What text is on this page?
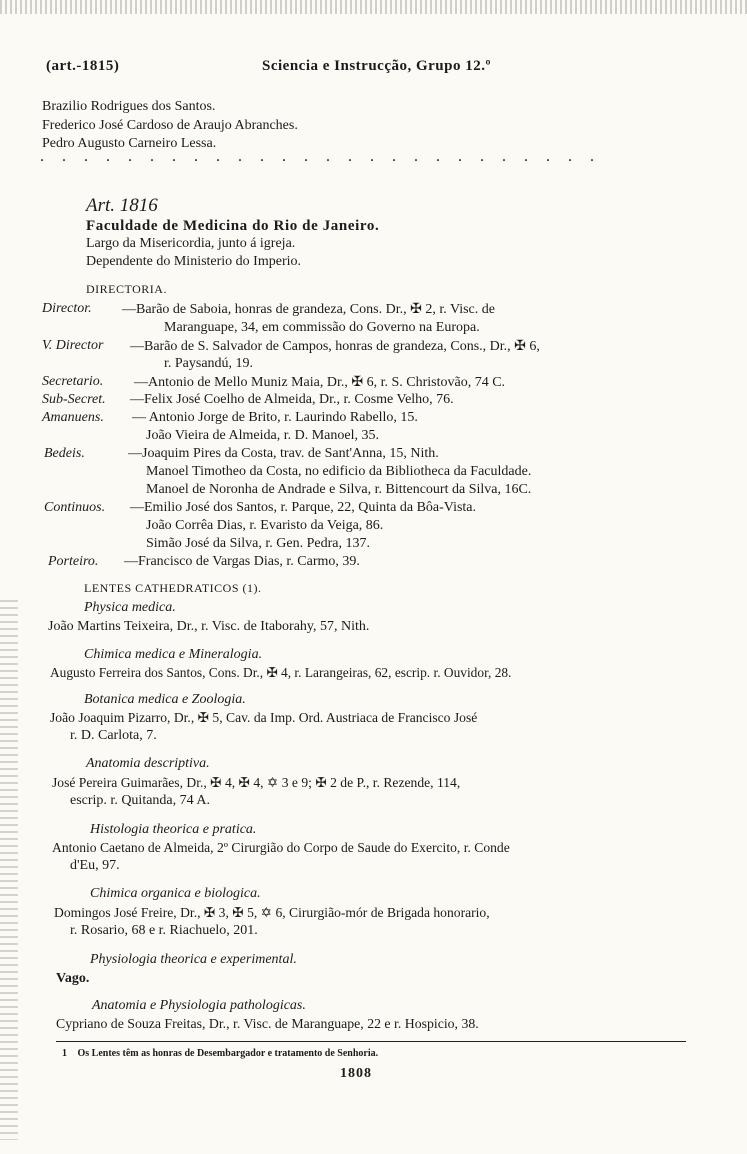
(art.-1815)	Sciencia e Instrucção, Grupo 12.º
Brazilio Rodrigues dos Santos.
Frederico José Cardoso de Araujo Abranches.
Pedro Augusto Carneiro Lessa.
. . . . . . . . . . . . . . . . . . . . . . . . . .
Art. 1816
Faculdade de Medicina do Rio de Janeiro.
Largo da Misericordia, junto á igreja.
Dependente do Ministerio do Imperio.
DIRECTORIA.
Director. —Barão de Saboia, honras de grandeza, Cons. Dr., ✠ 2, r. Visc. de
Maranguape, 34, em commissão do Governo na Europa.
V. Director —Barão de S. Salvador de Campos, honras de grandeza, Cons., Dr., ✠ 6,
r. Paysandú, 19.
Secretario. —Antonio de Mello Muniz Maia, Dr., ✠ 6, r. S. Christovão, 74 C.
Sub-Secret. —Felix José Coelho de Almeida, Dr., r. Cosme Velho, 76.
Amanuens. — Antonio Jorge de Brito, r. Laurindo Rabello, 15.
João Vieira de Almeida, r. D. Manoel, 35.
Bedeis.	—Joaquim Pires da Costa, trav. de Sant'Anna, 15, Nith.
Manoel Timotheo da Costa, no edificio da Bibliotheca da Faculdade.
Manoel de Noronha de Andrade e Silva, r. Bittencourt da Silva, 16C.
Continuos. —Emilio José dos Santos, r. Parque, 22, Quinta da Bôa-Vista.
João Corrêa Dias, r. Evaristo da Veiga, 86.
Simão José da Silva, r. Gen. Pedra, 137.
Porteiro. —Francisco de Vargas Dias, r. Carmo, 39.
LENTES CATHEDRATICOS (1).
Physica medica.
João Martins Teixeira, Dr., r. Visc. de Itaborahy, 57, Nith.
Chimica medica e Mineralogia.
Augusto Ferreira dos Santos, Cons. Dr., ✠ 4, r. Larangeiras, 62, escrip. r. Ouvidor, 28.
Botanica medica e Zoologia.
João Joaquim Pizarro, Dr., ✠ 5, Cav. da Imp. Ord. Austriaca de Francisco José
r. D. Carlota, 7.
Anatomia descriptiva.
José Pereira Guimarães, Dr., ✠ 4, ✠ 4, ✡ 3 e 9; ✠ 2 de P., r. Rezende, 114,
escrip. r. Quitanda, 74 A.
Histologia theorica e pratica.
Antonio Caetano de Almeida, 2º Cirurgião do Corpo de Saude do Exercito, r. Conde
d'Eu, 97.
Chimica organica e biologica.
Domingos José Freire, Dr., ✠ 3, ✠ 5, ✡ 6, Cirurgião-mór de Brigada honorario,
r. Rosario, 68 e r. Riachuelo, 201.
Physiologia theorica e experimental.
Vago.
Anatomia e Physiologia pathologicas.
Cypriano de Souza Freitas, Dr., r. Visc. de Maranguape, 22 e r. Hospicio, 38.
1 Os Lentes têm as honras de Desembargador e tratamento de Senhoria.
1808
